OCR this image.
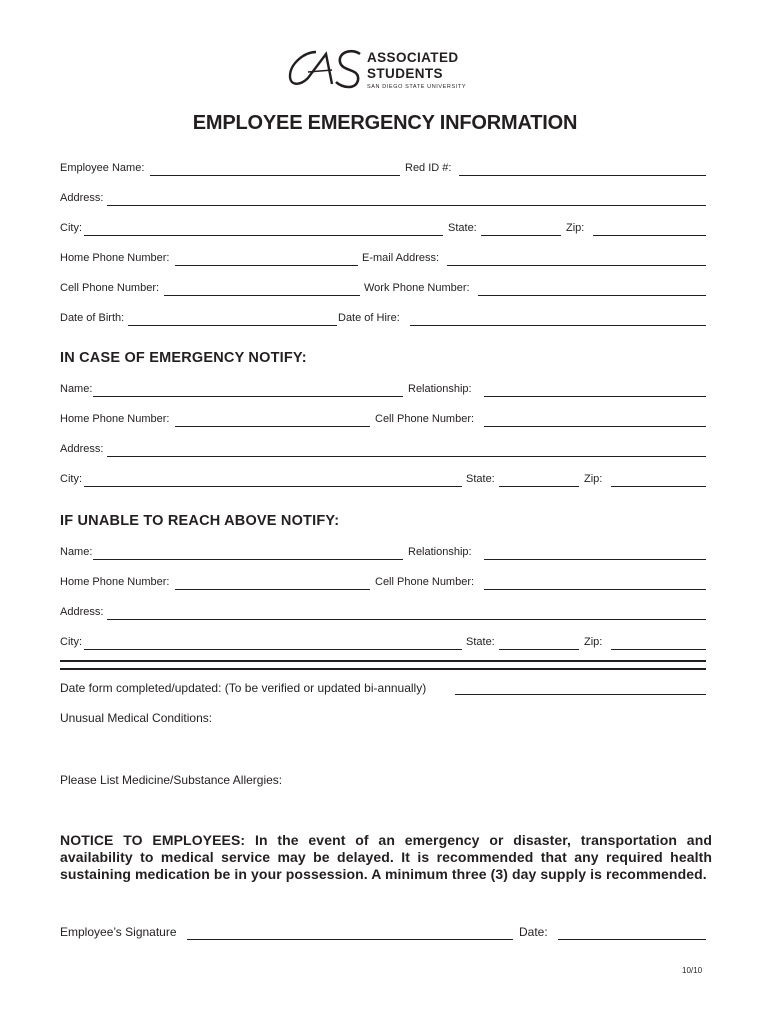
ASSOCIATED
STUDENTS
SAN DIEGO STATE UNIVERSITY
EMPLOYEE EMERGENCY INFORMATION
Employee Name:	Red ID #:
Address:
City:	State:	Zip:
Home Phone Number:	E-mail Address:
Cell Phone Number:	Work Phone Number:
Date of Birth:	Date of Hire:
IN CASE OF EMERGENCY NOTIFY:
Name:	Relationship:
Home Phone Number:	Cell Phone Number:
Address:
City:	State:	Zip:
IF UNABLE TO REACH ABOVE NOTIFY:
Name:	Relationship:
Home Phone Number:	Cell Phone Number:
Address:
City:	State:	Zip:
Date form completed/updated: (To be verified or updated bi-annually)
Unusual Medical Conditions:
Please List Medicine/Substance Allergies:
NOTICE TO EMPLOYEES: In the event of an emergency or disaster, transportation and availability to medical service may be delayed. It is recommended that any required health sustaining medication be in your possession. A minimum three (3) day supply is recommended.
Employee’s Signature	Date:
10/10
